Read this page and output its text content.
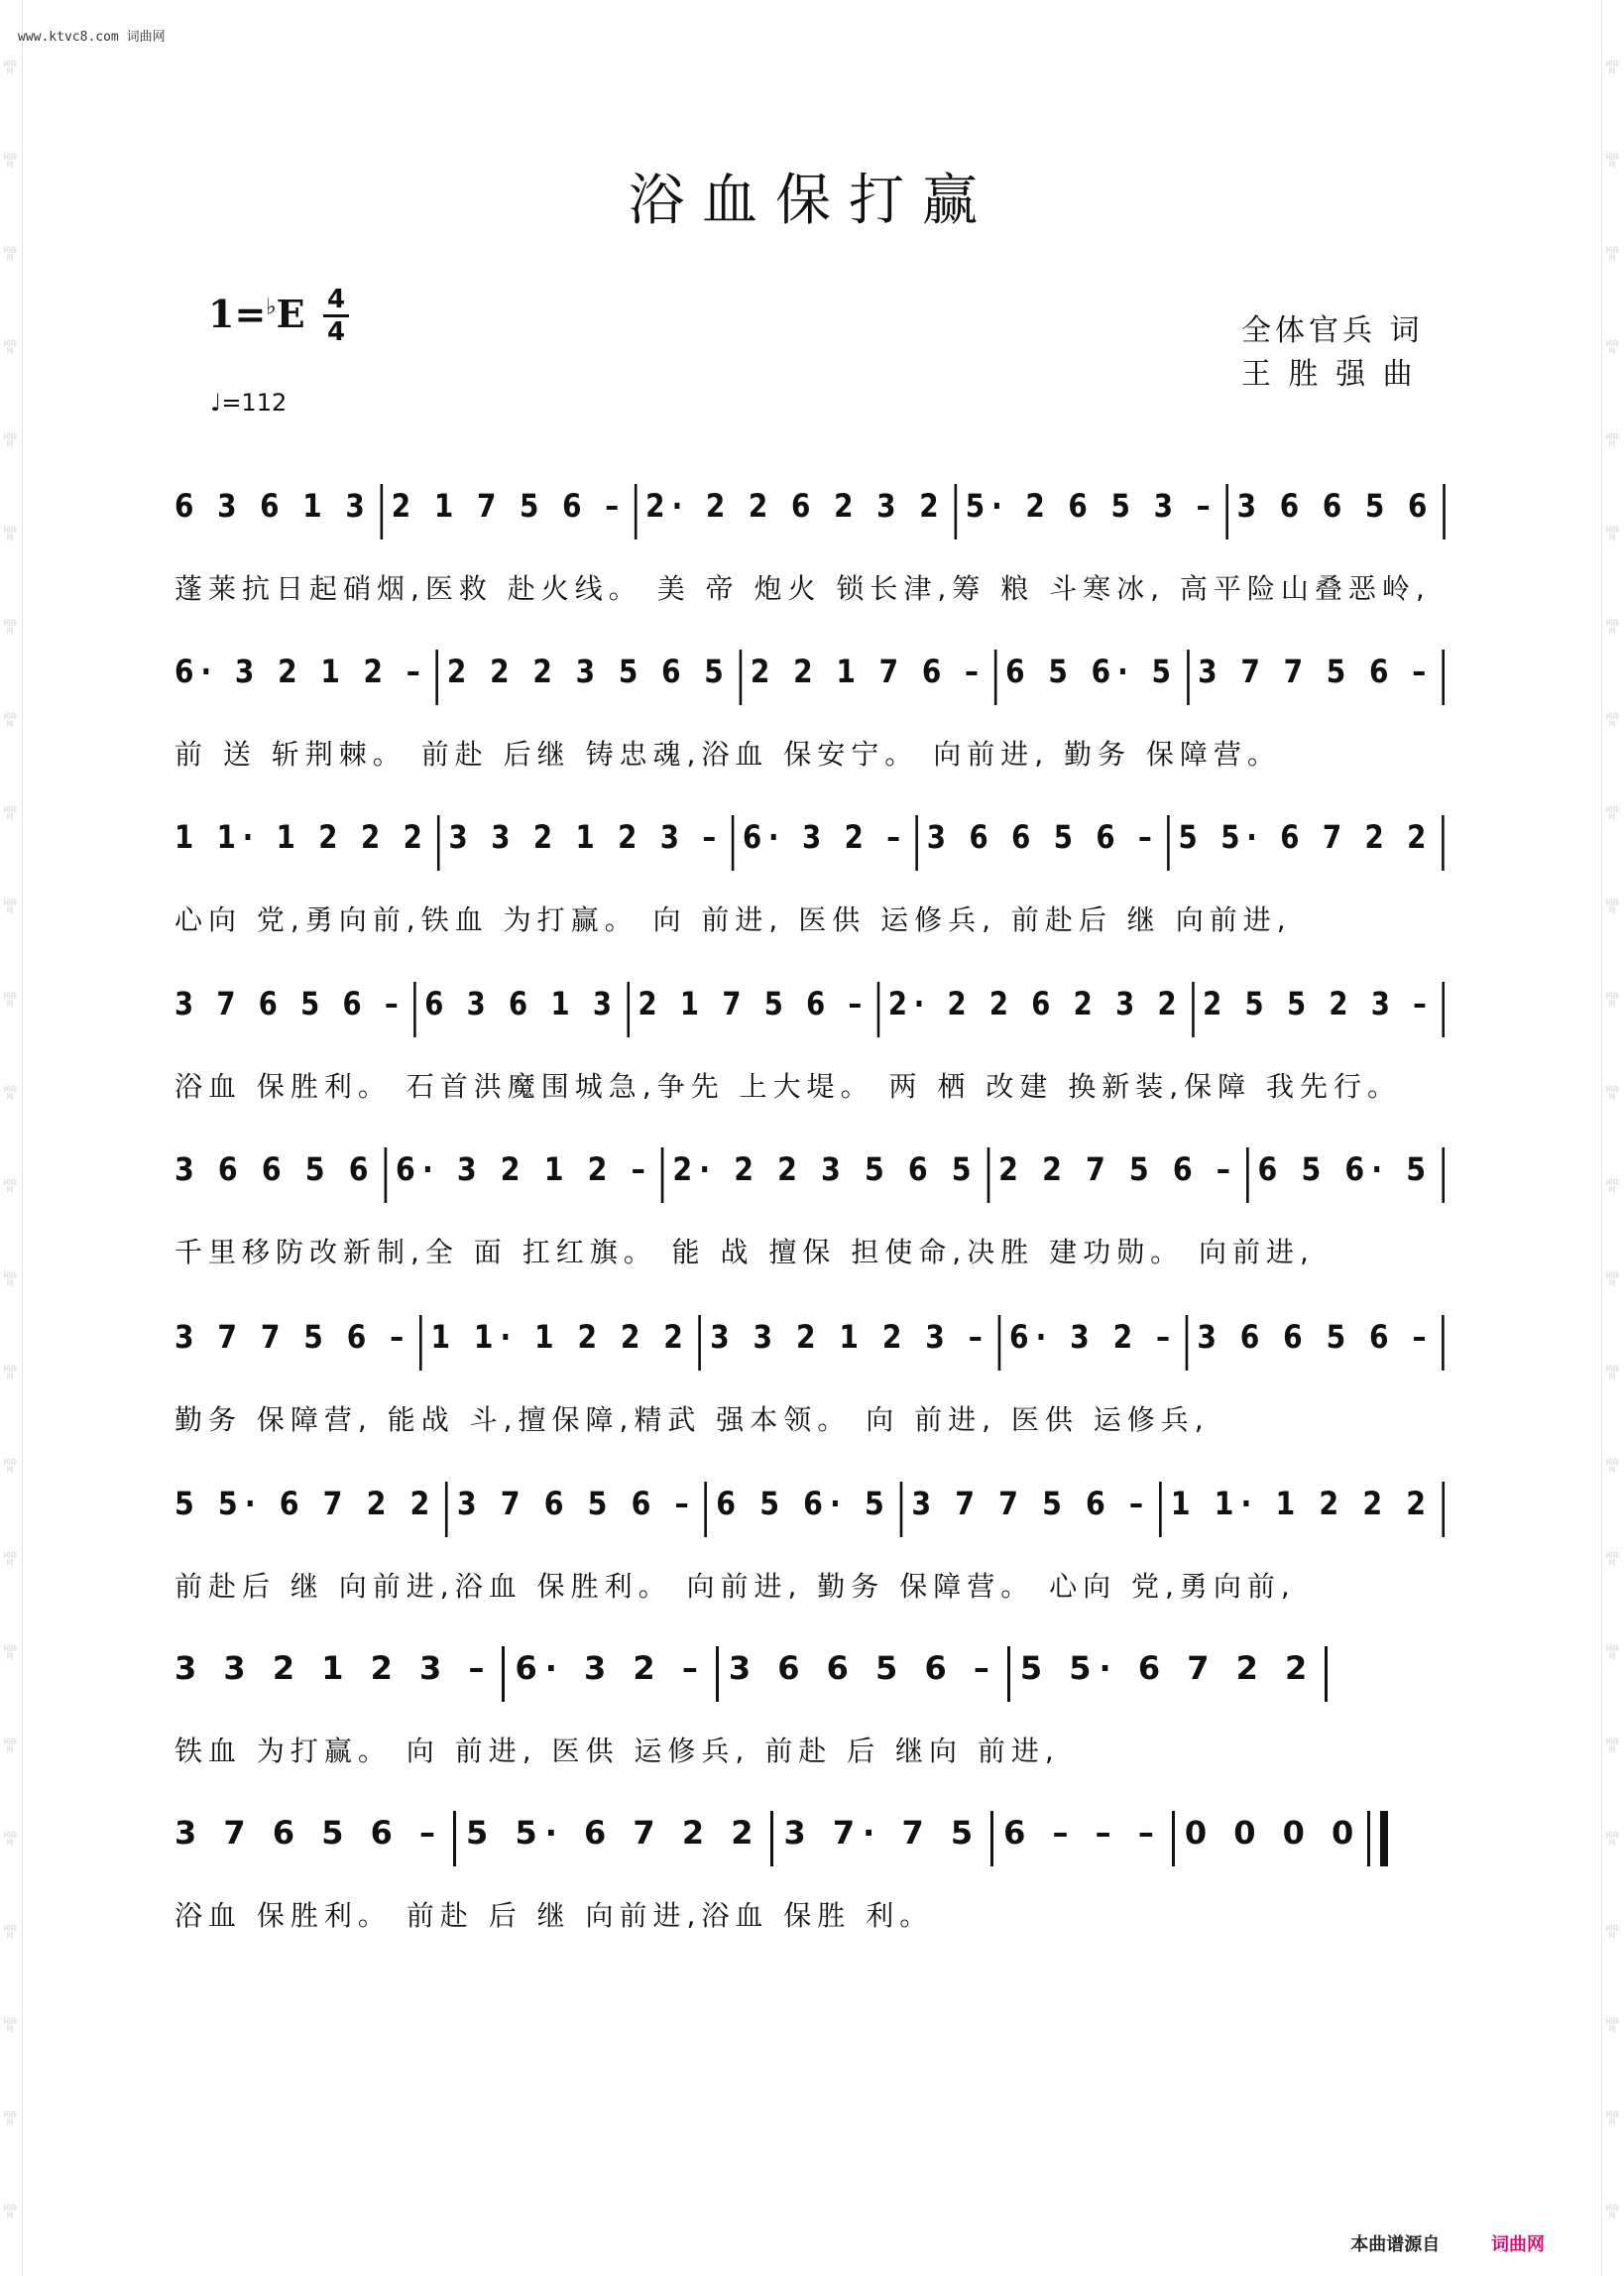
词曲网
词曲网
词曲网
词曲网
词曲网
词曲网
词曲网
词曲网
词曲网
词曲网
词曲网
词曲网
词曲网
词曲网
词曲网
词曲网
词曲网
词曲网
词曲网
词曲网
词曲网
词曲网
词曲网
词曲网
词曲网
词曲网
词曲网
词曲网
词曲网
词曲网
词曲网
词曲网
词曲网
词曲网
词曲网
词曲网
词曲网
词曲网
词曲网
词曲网
词曲网
词曲网
词曲网
词曲网
词曲网
词曲网
词曲网
词曲网
www.ktvc8.com 词曲网
浴血保打赢
1=♭E 4
4
♩=112
全体官兵 词
王 胜 强 曲
6 3 6 1 3 2 1 7 5 6 – 2· 2 2 6 2 3 2 5· 2 6 5 3 – 3 6 6 5 6
蓬莱抗日起硝烟,医救 赴火线。 美 帝 炮火 锁长津,筹 粮 斗寒冰, 高平险山叠恶岭,
6· 3 2 1 2 – 2 2 2 3 5 6 5 2 2 1 7 6 – 6 5 6· 5 3 7 7 5 6 –
前 送 斩荆棘。 前赴 后继 铸忠魂,浴血 保安宁。 向前进, 勤务 保障营。
1 1· 1 2 2 2 3 3 2 1 2 3 – 6· 3 2 – 3 6 6 5 6 – 5 5· 6 7 2 2
心向 党,勇向前,铁血 为打赢。 向 前进, 医供 运修兵, 前赴后 继 向前进,
3 7 6 5 6 – 6 3 6 1 3 2 1 7 5 6 – 2· 2 2 6 2 3 2 2 5 5 2 3 –
浴血 保胜利。 石首洪魔围城急,争先 上大堤。 两 栖 改建 换新装,保障 我先行。
3 6 6 5 6 6· 3 2 1 2 – 2· 2 2 3 5 6 5 2 2 7 5 6 – 6 5 6· 5
千里移防改新制,全 面 扛红旗。 能 战 擅保 担使命,决胜 建功勋。 向前进,
3 7 7 5 6 – 1 1· 1 2 2 2 3 3 2 1 2 3 – 6· 3 2 – 3 6 6 5 6 –
勤务 保障营, 能战 斗,擅保障,精武 强本领。 向 前进, 医供 运修兵,
5 5· 6 7 2 2 3 7 6 5 6 – 6 5 6· 5 3 7 7 5 6 – 1 1· 1 2 2 2
前赴后 继 向前进,浴血 保胜利。 向前进, 勤务 保障营。 心向 党,勇向前,
3 3 2 1 2 3 – 6· 3 2 – 3 6 6 5 6 – 5 5· 6 7 2 2
铁血 为打赢。 向 前进, 医供 运修兵, 前赴 后 继向 前进,
3 7 6 5 6 – 5 5· 6 7 2 2 3 7· 7 5 6 – – – 0 0 0 0
浴血 保胜利。 前赴 后 继 向前进,浴血 保胜 利。
本曲谱源自	词曲网
